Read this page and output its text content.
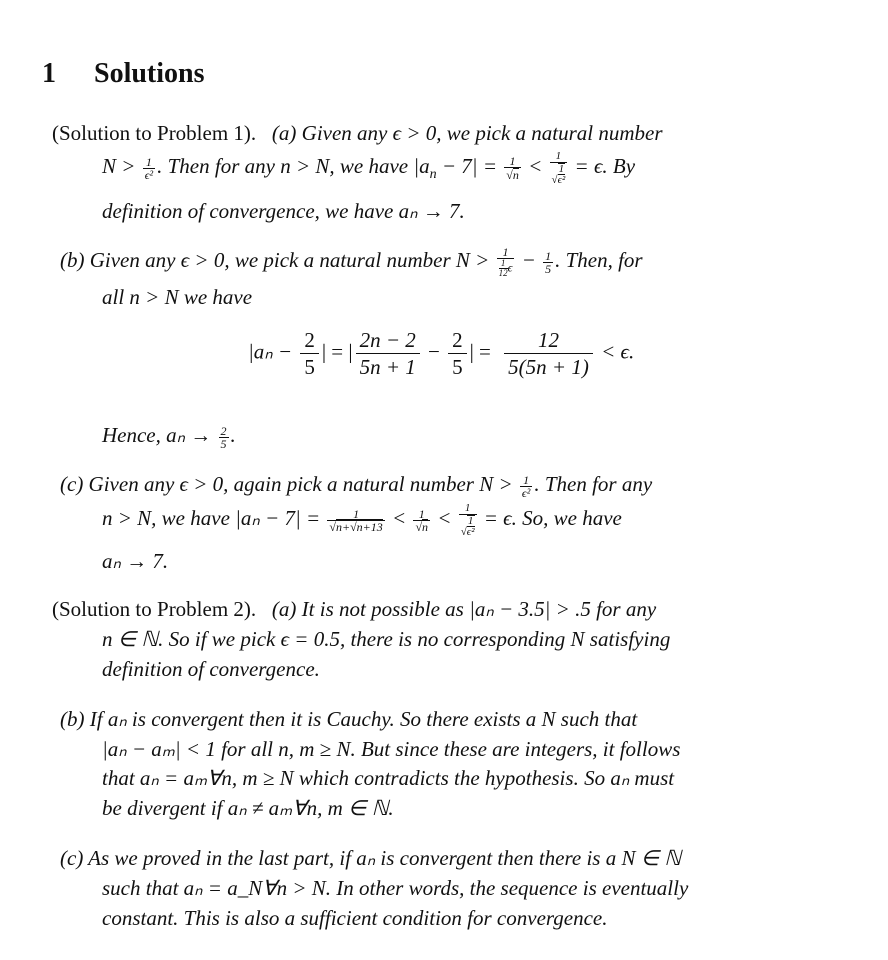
1 Solutions
(Solution to Problem 1). (a) Given any ϵ > 0, we pick a natural number
$N > \frac{1}{\text{ϵ²}}$ . Then for any n > N, we have $|a_n - 7| = \frac{1}{√n} < \frac{1}{√ \frac{1}{\text{ϵ²}}} = \epsilon$. By
definition of convergence, we have aₙ → 7.
(b) Given any ϵ > 0, we pick a natural number $N > \frac{1}{\frac{1}{12} \epsilon} - \frac{1}{5}$ . Then, for
all n > N we have
$|a_n - \frac{2}{5}$ | = | $\frac{2n - 2}{5n + 1} - \frac{2}{5}$ | = $\frac{12}{5(5n + 1)} < \epsilon$.
Hence, $a_n \to \frac{2}{5}$ .
(c) Given any ϵ > 0, again pick a natural number $N > \frac{1}{\text{ϵ²}}$ . Then for any
n > N, we have $|a_n - 7| = \frac{1}{√n+√n+13} < \frac{1}{√n} < \frac{1}{√ \frac{1}{\text{ϵ²}}} = \epsilon$. So, we have
aₙ → 7.
(Solution to Problem 2). (a) It is not possible as |aₙ − 3.5| > .5 for any
n ∈ ℕ. So if we pick ϵ = 0.5, there is no corresponding N satisfying
definition of convergence.
(b) If aₙ is convergent then it is Cauchy. So there exists a N such that
|aₙ − aₘ| < 1 for all n, m ≥ N. But since these are integers, it follows
that aₙ = aₘ∀n, m ≥ N which contradicts the hypothesis. So aₙ must
be divergent if aₙ ≠ aₘ∀n, m ∈ ℕ.
(c) As we proved in the last part, if aₙ is convergent then there is a N ∈ ℕ
such that aₙ = a_N∀n > N. In other words, the sequence is eventually
constant. This is also a sufficient condition for convergence.
